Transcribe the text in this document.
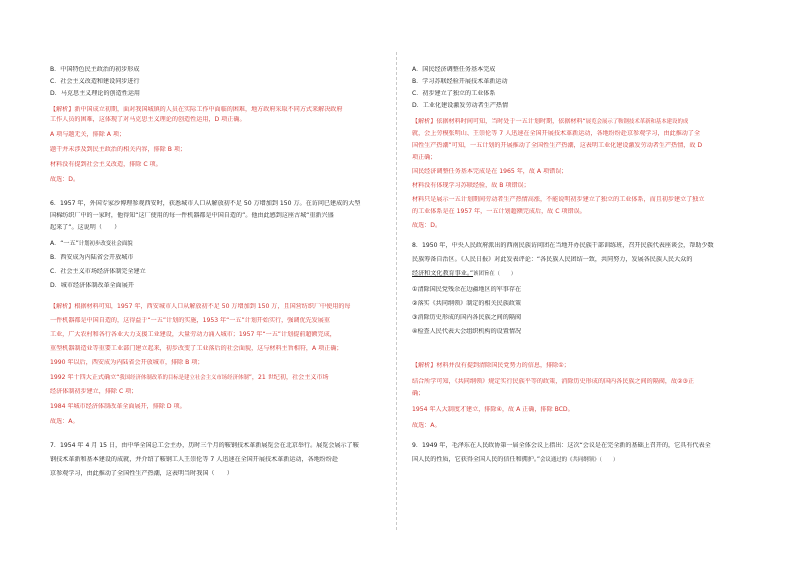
B．中国特色民主政治的初步形成
C．社会主义改造和建设同步进行
D．马克思主义理论的创造性运用
【解析】新中国成立初期，面对我国城镇的人员在实际工作中面临的困难，地方政府采取不同方式来解决政府
工作人员的困难，这体现了对马克思主义理论的创造性运用，D 项正确。
A 项与题无关，排除 A 项；
题干并未涉及到民主政治的相关内容，排除 B 项；
材料没有提到社会主义改造，排除 C 项。
故选：D。
6．1957 年，外国专家沙博理参观西安时，获悉城市人口从解放初不足 50 万增加到 150 万。在访问已建成的大型
国棉纺织厂中的一家时，他得知“这厂使用的每一件机器都是中国自造的”。他由此感到这座古城“重新兴盛
起来了”。这说明（　　）
A．“一五”计划初步改变社会面貌
B．西安成为内陆省会开放城市
C．社会主义市场经济体制完全建立
D．城市经济体制改革全面展开
【解析】根据材料可知，1957 年，西安城市人口从解放初不足 50 万增加到 150 万，且国营纺织厂中使用的每
一件机器都是中国自造的，这得益于“一五”计划的实施，1953 年“一五”计划开始实行，强调优先发展重
工业，广大农村和各行各业大力支援工业建设，大量劳动力涌入城市；1957 年“一五”计划提前超额完成，
重型机器制造业等重要工业部门建立起来，初步改变了工业落后的社会面貌，这与材料主旨相符，A 项正确；
1990 年以后，西安成为内陆省会开放城市，排除 B 项；
1992 年十四大正式确立“我国经济体制改革的目标是建立社会主义市场经济体制”，21 世纪初，社会主义市场
经济体制初步建立，排除 C 项；
1984 年城市经济体制改革全面展开，排除 D 项。
故选：A。
7．1954 年 4 月 15 日，由中华全国总工会主办，历时三个月的鞍钢技术革新展览会在北京举行。展览会展示了鞍
钢技术革新和基本建设的成就，并介绍了鞍钢工人王崇伦等 7 人迅速在全国开展技术革新运动，各地纷纷赴
京参观学习，由此推动了全国性生产热潮，这表明当时我国（　　）
A．国民经济调整任务基本完成
B．学习苏联经验开展技术革新运动
C．初步建立了独立的工业体系
D．工业化建设激发劳动者生产热情
【解析】依据材料时间可知，当时处于一五计划时期，依据材料“展览会展示了鞍钢技术革新和基本建设的成
就，会上劳模张明山、王崇伦等 7 人迅速在全国开展技术革新运动，各地纷纷赴京参观学习，由此推动了全
国性生产热潮”可知，一五计划的开展推动了全国性生产热潮，这表明工业化建设激发劳动者生产热情，故 D
项正确；
国民经济调整任务基本完成是在 1965 年，故 A 项错误；
材料没有体现学习苏联经验，故 B 项错误；
材料只是展示一五计划期间劳动者生产热情高涨，不能说明初步建立了独立的工业体系，而且初步建立了独立
的工业体系是在 1957 年，一五计划超额完成后，故 C 项错误。
故选：D。
8．1950 年，中央人民政府派出的西南民族访问团在当地开办民族干部训练班，召开民族代表座谈会，帮助少数
民族筹备自治区。《人民日报》对此发表评论：“各民族人民团结一致，共同努力，发展各民族人民大众的
经济和文化教育事业。”该团旨在（　　）
①清除国民党残余在边疆地区的军事存在
②落实《共同纲领》制定的相关民族政策
③消除历史形成的国内各民族之间的隔阂
④检查人民代表大会组织机构的设置情况
【解析】材料并没有提到清除国民党势力的信息，排除①；
结合所学可知，《共同纲领》规定实行民族平等的政策，消除历史形成的国内各民族之间的隔阂，故②③正
确；
1954 年人大制度才建立，排除④，故 A 正确，排除 BCD。
故选：A。
9．1949 年，毛泽东在人民政协第一届全体会议上指出：这次“会议是在完全新的基础上召开的，它具有代表全
国人民的性质，它获得全国人民的信任和拥护。”会议通过的《共同纲领》（　　）
